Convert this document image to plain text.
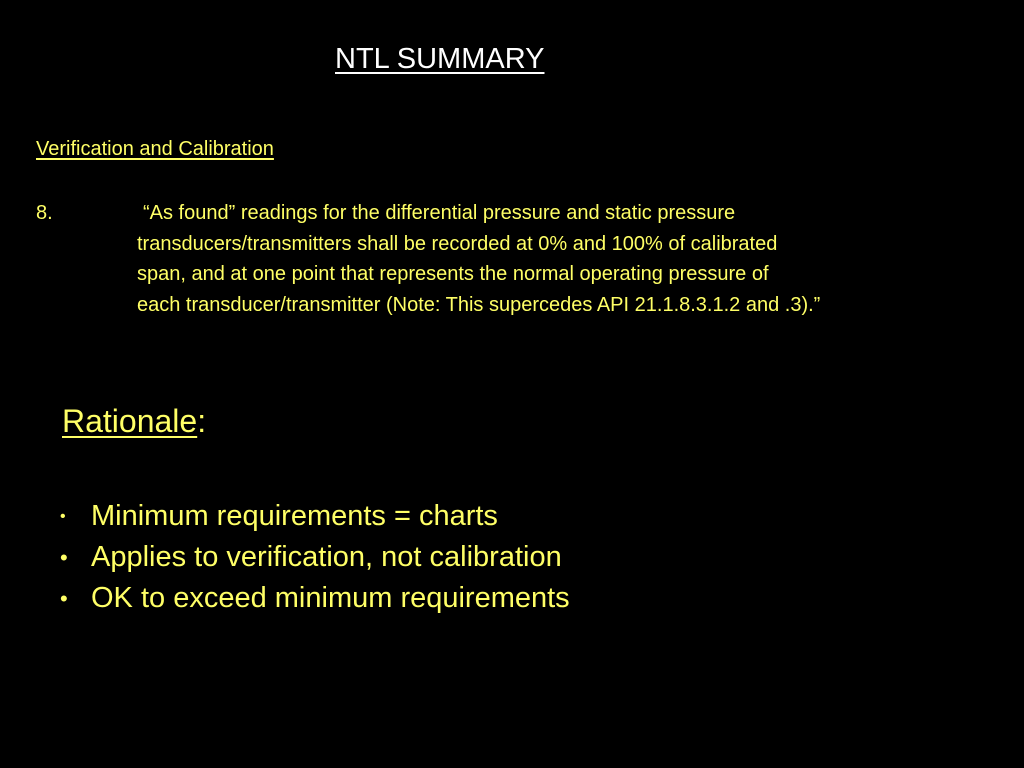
NTL SUMMARY
Verification and Calibration
8.	“As found” readings for the differential pressure and static pressure
transducers/transmitters shall be recorded at 0% and 100% of calibrated
span, and at one point that represents the normal operating pressure of
each transducer/transmitter (Note: This supercedes API 21.1.8.3.1.2 and .3).”
Rationale:
• Minimum requirements = charts
• Applies to verification, not calibration
• OK to exceed minimum requirements
